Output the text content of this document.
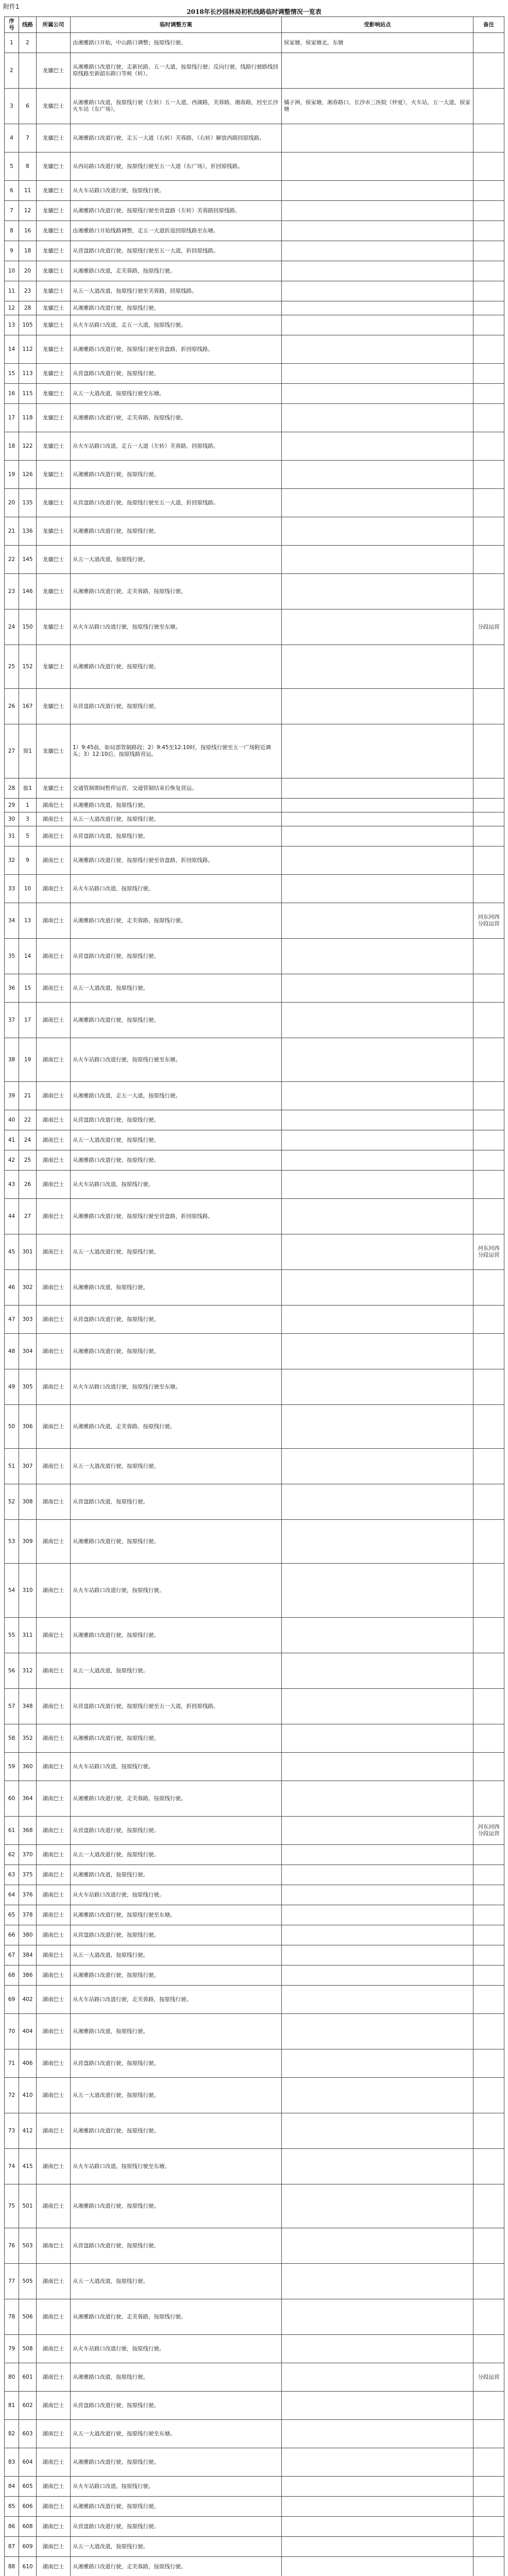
附件1
2018年长沙园林局初机线路临时调整情况一览表
序号	线路	所属公司	临时调整方案	受影响站点	备注
1	2		由湘雅路口开始，中山路口调整；按原线行驶。	侯家塘，侯家塘北，东塘	
2		龙骧巴士	从湘雅路口改道行驶，走新民路、五一大道，按原线行驶；反向行驶，线路行驶路线回原线路至新韶东路口等候（转）。		
3	6	龙骧巴士	从湘雅路口改道，按原线行驶（左转）五一大道，西湖路，芙蓉路，湘春路，回至长沙火车站（东广场）。	橘子洲，侯家塘，湘春路口，长沙市三医院（仲夏），火车站，五一大道，侯家塘	
4	7	龙骧巴士	从湘雅路口改道行驶，走五一大道（右转）芙蓉路，（右转）解放西路回原线路。		
5	8	龙骧巴士	从西站路口改道行驶，按原线行驶至五一大道（东广场），折回原线路。		
6	11	龙骧巴士	从火车站路口改道行驶，按原线行驶。		
7	12	龙骧巴士	从湘雅路口改道行驶，按原线行驶至营盘路（左转）芙蓉路回原线路。		
8	16	龙骧巴士	由湘雅路口开始线路调整，走五一大道折返回原线路至东塘。		
9	18	龙骧巴士	从营盘路口改道行驶，按原线行驶至五一大道，折回原线路。		
10	20	龙骧巴士	从湘雅路口改道，走芙蓉路，按原线行驶。		
11	23	龙骧巴士	从五一大道改道，按原线行驶至芙蓉路，回原线路。		
12	28	龙骧巴士	从湘雅路口改道行驶，按原线行驶。		
13	105	龙骧巴士	从火车站路口改道，走五一大道，按原线行驶。		
14	112	龙骧巴士	从湘雅路口改道行驶，按原线行驶至营盘路，折回原线路。		
15	113	龙骧巴士	从营盘路口改道行驶，按原线行驶。		
16	115	龙骧巴士	从五一大道改道，按原线行驶至东塘。		
17	118	龙骧巴士	从湘雅路口改道行驶，走芙蓉路，按原线行驶。		
18	122	龙骧巴士	从火车站路口改道，走五一大道（左转）芙蓉路，回原线路。		
19	126	龙骧巴士	从湘雅路口改道行驶，按原线行驶。		
20	135	龙骧巴士	从营盘路口改道行驶，按原线行驶至五一大道，折回原线路。		
21	136	龙骧巴士	从湘雅路口改道行驶，按原线行驶。		
22	145	龙骧巴士	从五一大道改道，按原线行驶。		
23	146	龙骧巴士	从湘雅路口改道行驶，走芙蓉路，按原线行驶。		
24	150	龙骧巴士	从火车站路口改道行驶，按原线行驶至东塘。		分段运营
25	152	龙骧巴士	从湘雅路口改道行驶，按原线行驶。		
26	167	龙骧巴士	从营盘路口改道行驶，按原线行驶。		
27	窗1	龙骧巴士	1）9:45前，如局部管制路段；2）9:45至12:10时，按原线行驶至五一广场附近调头；3）12:10后，按原线路营运。		
28	旅1	龙骧巴士	交通管制期间暂停运营，交通管制结束后恢复营运。		
29	1	湖南巴士	从湘雅路口改道，按原线行驶。		
30	3	湖南巴士	从五一大道改道行驶，按原线行驶。		
31	5	湖南巴士	从营盘路口改道，按原线行驶。		
32	9	湖南巴士	从湘雅路口改道行驶，按原线行驶至营盘路，折回原线路。		
33	10	湖南巴士	从火车站路口改道，按原线行驶。		
34	13	湖南巴士	从湘雅路口改道行驶，走芙蓉路，按原线行驶。		河东河西分段运营
35	14	湖南巴士	从营盘路口改道行驶，按原线行驶。		
36	15	湖南巴士	从五一大道改道，按原线行驶。		
37	17	湖南巴士	从湘雅路口改道行驶，按原线行驶。		
38	19	湖南巴士	从火车站路口改道行驶，按原线行驶至东塘。		
39	21	湖南巴士	从湘雅路口改道，走五一大道，按原线行驶。		
40	22	湖南巴士	从营盘路口改道行驶，按原线行驶。		
41	24	湖南巴士	从五一大道改道行驶，按原线行驶。		
42	25	湖南巴士	从湘雅路口改道行驶，按原线行驶。		
43	26	湖南巴士	从火车站路口改道，按原线行驶。		
44	27	湖南巴士	从湘雅路口改道行驶，按原线行驶至营盘路，折回原线路。		
45	301	湖南巴士	从五一大道改道行驶，按原线行驶。		河东河西分段运营
46	302	湖南巴士	从湘雅路口改道，按原线行驶。		
47	303	湖南巴士	从营盘路口改道行驶，按原线行驶。		
48	304	湖南巴士	从湘雅路口改道行驶，按原线行驶。		
49	305	湖南巴士	从火车站路口改道行驶，按原线行驶至东塘。		
50	306	湖南巴士	从湘雅路口改道，走芙蓉路，按原线行驶。		
51	307	湖南巴士	从五一大道改道行驶，按原线行驶。		
52	308	湖南巴士	从营盘路口改道，按原线行驶。		
53	309	湖南巴士	从湘雅路口改道行驶，按原线行驶。		
54	310	湖南巴士	从火车站路口改道行驶，按原线行驶。		
55	311	湖南巴士	从湘雅路口改道行驶，按原线行驶。		
56	312	湖南巴士	从五一大道改道，按原线行驶。		
57	348	湖南巴士	从营盘路口改道行驶，按原线行驶至五一大道，折回原线路。		
58	352	湖南巴士	从湘雅路口改道行驶，按原线行驶。		
59	360	湖南巴士	从火车站路口改道，按原线行驶。		
60	364	湖南巴士	从湘雅路口改道行驶，走芙蓉路，按原线行驶。		
61	368	湖南巴士	从营盘路口改道行驶，按原线行驶。		河东河西分段运营
62	370	湖南巴士	从五一大道改道行驶，按原线行驶。		
63	375	湖南巴士	从湘雅路口改道，按原线行驶。		
64	376	湖南巴士	从火车站路口改道行驶，按原线行驶。		
65	378	湖南巴士	从湘雅路口改道行驶，按原线行驶至东塘。		
66	380	湖南巴士	从营盘路口改道行驶，按原线行驶。		
67	384	湖南巴士	从五一大道改道，按原线行驶。		
68	386	湖南巴士	从湘雅路口改道行驶，按原线行驶。		
69	402	湖南巴士	从火车站路口改道行驶，走芙蓉路，按原线行驶。		
70	404	湖南巴士	从湘雅路口改道，按原线行驶。		
71	406	湖南巴士	从营盘路口改道行驶，按原线行驶。		
72	410	湖南巴士	从五一大道改道行驶，按原线行驶。		
73	412	湖南巴士	从湘雅路口改道行驶，按原线行驶。		
74	415	湖南巴士	从火车站路口改道，按原线行驶至东塘。		
75	501	湖南巴士	从湘雅路口改道行驶，按原线行驶。		
76	503	湖南巴士	从营盘路口改道行驶，按原线行驶。		
77	505	湖南巴士	从五一大道改道，按原线行驶。		
78	506	湖南巴士	从湘雅路口改道行驶，走芙蓉路，按原线行驶。		
79	508	湖南巴士	从火车站路口改道行驶，按原线行驶。		
80	601	湖南巴士	从湘雅路口改道，按原线行驶。		分段运营
81	602	湖南巴士	从营盘路口改道行驶，按原线行驶。		
82	603	湖南巴士	从五一大道改道行驶，按原线行驶至东塘。		
83	604	湖南巴士	从湘雅路口改道行驶，按原线行驶。		
84	605	湖南巴士	从火车站路口改道，按原线行驶。		
85	606	湖南巴士	从湘雅路口改道行驶，按原线行驶。		
86	608	湖南巴士	从营盘路口改道行驶，按原线行驶。		
87	609	湖南巴士	从五一大道改道，按原线行驶。		
88	610	湖南巴士	从湘雅路口改道行驶，走芙蓉路，按原线行驶。		
